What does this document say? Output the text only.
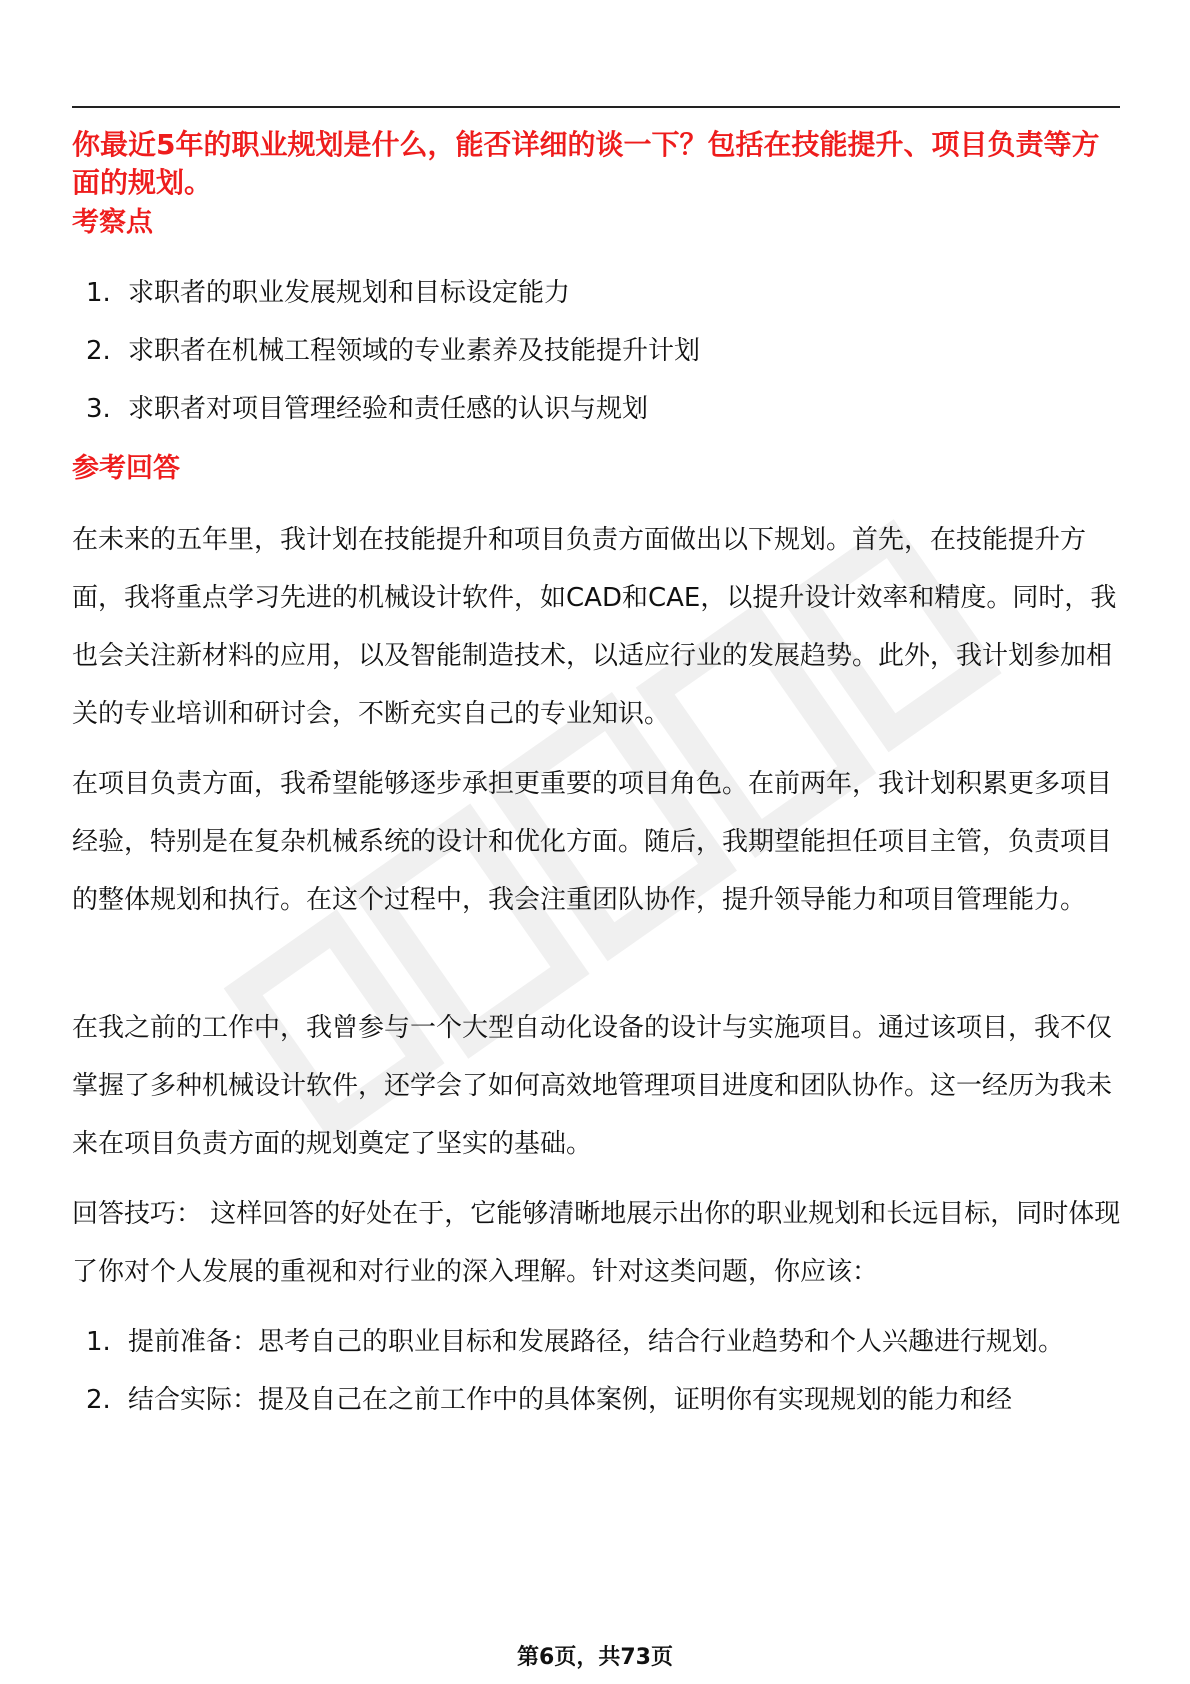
你最近5年的职业规划是什么，能否详细的谈一下？包括在技能提升、项目负责等方面的规划。

考察点

1. 求职者的职业发展规划和目标设定能力
2. 求职者在机械工程领域的专业素养及技能提升计划
3. 求职者对项目管理经验和责任感的认识与规划

参考回答

在未来的五年里，我计划在技能提升和项目负责方面做出以下规划。首先，在技能提升方面，我将重点学习先进的机械设计软件，如CAD和CAE，以提升设计效率和精度。同时，我也会关注新材料的应用，以及智能制造技术，以适应行业的发展趋势。此外，我计划参加相关的专业培训和研讨会，不断充实自己的专业知识。

在项目负责方面，我希望能够逐步承担更重要的项目角色。在前两年，我计划积累更多项目经验，特别是在复杂机械系统的设计和优化方面。随后，我期望能担任项目主管，负责项目的整体规划和执行。在这个过程中，我会注重团队协作，提升领导能力和项目管理能力。

在我之前的工作中，我曾参与一个大型自动化设备的设计与实施项目。通过该项目，我不仅掌握了多种机械设计软件，还学会了如何高效地管理项目进度和团队协作。这一经历为我未来在项目负责方面的规划奠定了坚实的基础。

回答技巧： 这样回答的好处在于，它能够清晰地展示出你的职业规划和长远目标，同时体现了你对个人发展的重视和对行业的深入理解。针对这类问题，你应该：

1. 提前准备：思考自己的职业目标和发展路径，结合行业趋势和个人兴趣进行规划。
2. 结合实际：提及自己在之前工作中的具体案例，证明你有实现规划的能力和经
第6页，共73页
